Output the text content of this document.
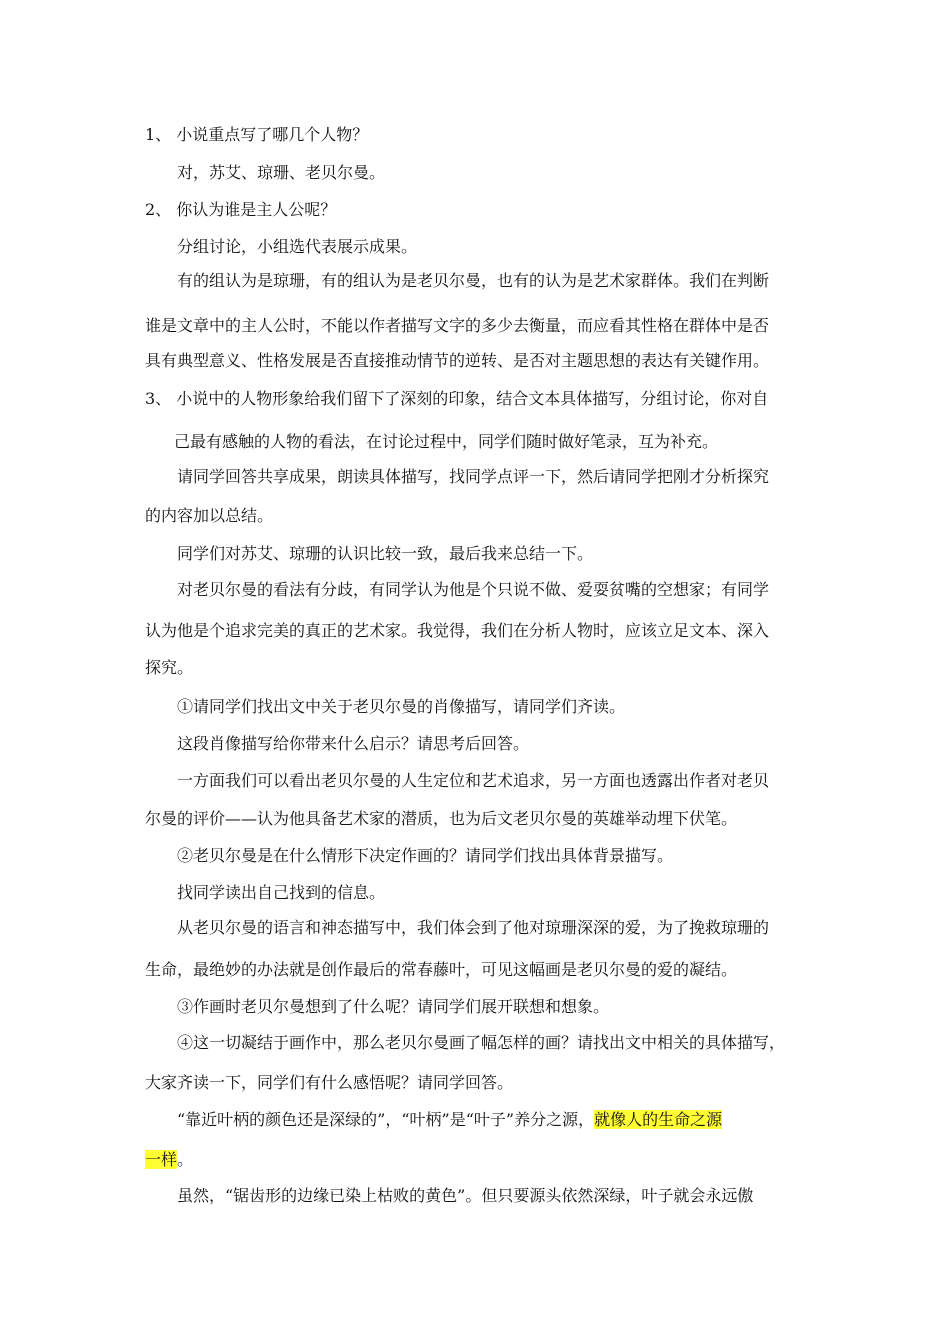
1、 小说重点写了哪几个人物？
对，苏艾、琼珊、老贝尔曼。
2、 你认为谁是主人公呢？
分组讨论，小组选代表展示成果。
有的组认为是琼珊，有的组认为是老贝尔曼，也有的认为是艺术家群体。我们在判断
谁是文章中的主人公时，不能以作者描写文字的多少去衡量，而应看其性格在群体中是否
具有典型意义、性格发展是否直接推动情节的逆转、是否对主题思想的表达有关键作用。
3、 小说中的人物形象给我们留下了深刻的印象，结合文本具体描写，分组讨论，你对自
己最有感触的人物的看法，在讨论过程中，同学们随时做好笔录，互为补充。
请同学回答共享成果，朗读具体描写，找同学点评一下，然后请同学把刚才分析探究
的内容加以总结。
同学们对苏艾、琼珊的认识比较一致，最后我来总结一下。
对老贝尔曼的看法有分歧，有同学认为他是个只说不做、爱耍贫嘴的空想家；有同学
认为他是个追求完美的真正的艺术家。我觉得，我们在分析人物时，应该立足文本、深入
探究。
①请同学们找出文中关于老贝尔曼的肖像描写，请同学们齐读。
这段肖像描写给你带来什么启示？请思考后回答。
一方面我们可以看出老贝尔曼的人生定位和艺术追求，另一方面也透露出作者对老贝
尔曼的评价——认为他具备艺术家的潜质，也为后文老贝尔曼的英雄举动埋下伏笔。
②老贝尔曼是在什么情形下决定作画的？请同学们找出具体背景描写。
找同学读出自己找到的信息。
从老贝尔曼的语言和神态描写中，我们体会到了他对琼珊深深的爱，为了挽救琼珊的
生命，最绝妙的办法就是创作最后的常春藤叶，可见这幅画是老贝尔曼的爱的凝结。
③作画时老贝尔曼想到了什么呢？请同学们展开联想和想象。
④这一切凝结于画作中，那么老贝尔曼画了幅怎样的画？请找出文中相关的具体描写，
大家齐读一下，同学们有什么感悟呢？请同学回答。
“靠近叶柄的颜色还是深绿的”，“叶柄”是“叶子”养分之源，就像人的生命之源
一样。
虽然，“锯齿形的边缘已染上枯败的黄色”。但只要源头依然深绿，叶子就会永远傲
